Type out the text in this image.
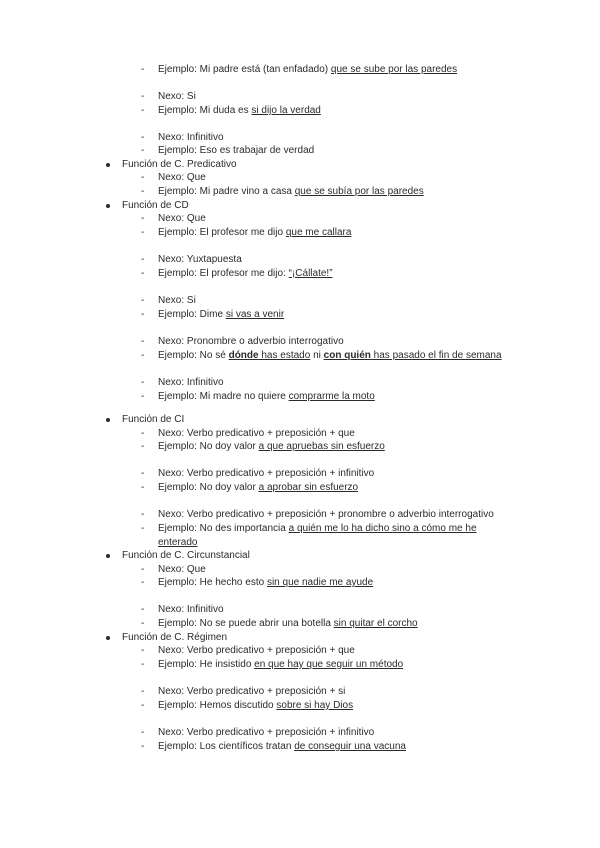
- Ejemplo: Mi padre está (tan enfadado) que se sube por las paredes
- Nexo: Si
- Ejemplo: Mi duda es si dijo la verdad
- Nexo: Infinitivo
- Ejemplo: Eso es trabajar de verdad
Función de C. Predicativo
- Nexo: Que
- Ejemplo: Mi padre vino a casa que se subía por las paredes
Función de CD
- Nexo: Que
- Ejemplo: El profesor me dijo que me callara
- Nexo: Yuxtapuesta
- Ejemplo: El profesor me dijo: “¡Cállate!”
- Nexo: Si
- Ejemplo: Dime si vas a venir
- Nexo: Pronombre o adverbio interrogativo
- Ejemplo: No sé dónde has estado ni con quién has pasado el fin de semana
- Nexo: Infinitivo
- Ejemplo: Mi madre no quiere comprarme la moto
Función de CI
- Nexo: Verbo predicativo + preposición + que
- Ejemplo: No doy valor a que apruebas sin esfuerzo
- Nexo: Verbo predicativo + preposición + infinitivo
- Ejemplo: No doy valor a aprobar sin esfuerzo
- Nexo: Verbo predicativo + preposición + pronombre o adverbio interrogativo
- Ejemplo: No des importancia a quién me lo ha dicho sino a cómo me he
enterado
Función de C. Circunstancial
- Nexo: Que
- Ejemplo: He hecho esto sin que nadie me ayude
- Nexo: Infinitivo
- Ejemplo: No se puede abrir una botella sin quitar el corcho
Función de C. Régimen
- Nexo: Verbo predicativo + preposición + que
- Ejemplo: He insistido en que hay que seguir un método
- Nexo: Verbo predicativo + preposición + si
- Ejemplo: Hemos discutido sobre si hay Dios
- Nexo: Verbo predicativo + preposición + infinitivo
- Ejemplo: Los científicos tratan de conseguir una vacuna
